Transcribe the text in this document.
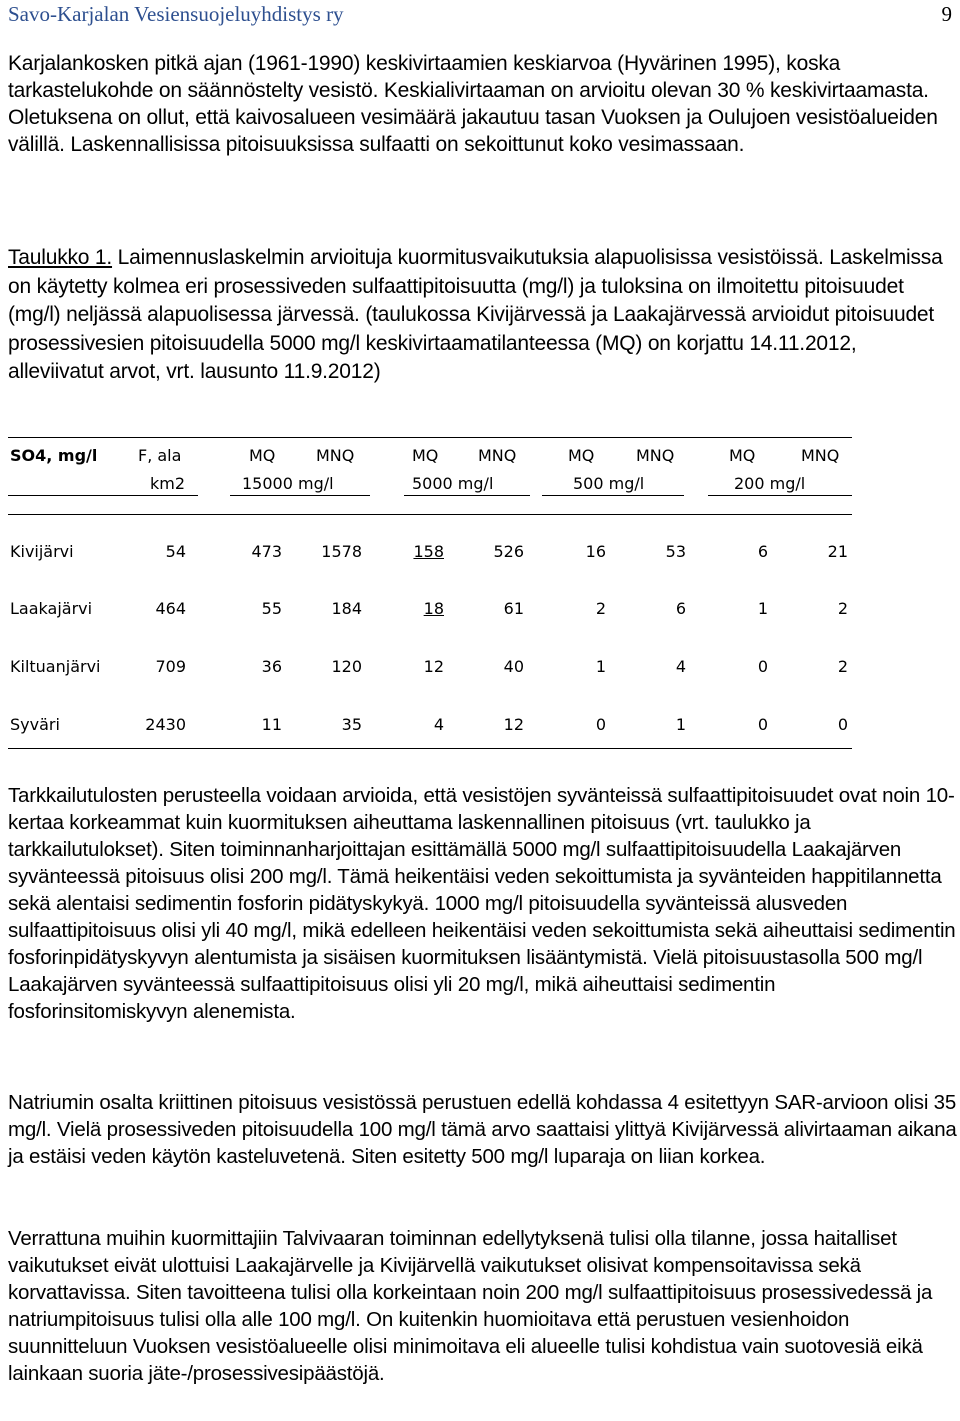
Savo-Karjalan Vesiensuojeluyhdistys ry	9

Karjalankosken pitkä ajan (1961-1990) keskivirtaamien keskiarvoa (Hyvärinen 1995), koska tarkastelukohde on säännöstelty vesistö. Keskialivirtaaman on arvioitu olevan 30 % keskivirtaamasta. Oletuksena on ollut, että kaivosalueen vesimäärä jakautuu tasan Vuoksen ja Oulujoen vesistöalueiden välillä. Laskennallisissa pitoisuuksissa sulfaatti on sekoittunut koko vesimassaan.

Taulukko 1. Laimennuslaskelmin arvioituja kuormitusvaikutuksia alapuolisissa vesistöissä. Laskelmissa on käytetty kolmea eri prosessiveden sulfaattipitoisuutta (mg/l) ja tuloksina on ilmoitettu pitoisuudet (mg/l) neljässä alapuolisessa järvessä. (taulukossa Kivijärvessä ja Laakajärvessä arvioidut pitoisuudet prosessivesien pitoisuudella 5000 mg/l keskivirtaamatilanteessa (MQ) on korjattu 14.11.2012, alleviivatut arvot, vrt. lausunto 11.9.2012)

SO4, mg/l	F, ala	MQ	MNQ	MQ MNQ	MQ	MNQ	MQ	MNQ
km2	15000 mg/l	5000 mg/l	500 mg/l	200 mg/l
Kivijärvi	54	473 1578	158	526	16	53	6	21
Laakajärvi	464	55	184	18	61	2	6	1	2
Kiltuanjärvi	709	36	120	12	40	1	4	0	2
Syväri	2430	11	35	4	12	0	1	0	0

Tarkkailutulosten perusteella voidaan arvioida, että vesistöjen syvänteissä sulfaattipitoisuudet ovat noin 10-kertaa korkeammat kuin kuormituksen aiheuttama laskennallinen pitoisuus (vrt. taulukko ja tarkkailutulokset). Siten toiminnanharjoittajan esittämällä 5000 mg/l sulfaattipitoisuudella Laakajärven syvänteessä pitoisuus olisi 200 mg/l. Tämä heikentäisi veden sekoittumista ja syvänteiden happitilannetta sekä alentaisi sedimentin fosforin pidätyskykyä. 1000 mg/l pitoisuudella syvänteissä alusveden sulfaattipitoisuus olisi yli 40 mg/l, mikä edelleen heikentäisi veden sekoittumista sekä aiheuttaisi sedimentin fosforinpidätyskyvyn alentumista ja sisäisen kuormituksen lisääntymistä. Vielä pitoisuustasolla 500 mg/l Laakajärven syvänteessä sulfaattipitoisuus olisi yli 20 mg/l, mikä aiheuttaisi sedimentin fosforinsitomiskyvyn alenemista.

Natriumin osalta kriittinen pitoisuus vesistössä perustuen edellä kohdassa 4 esitettyyn SAR-arvioon olisi 35 mg/l. Vielä prosessiveden pitoisuudella 100 mg/l tämä arvo saattaisi ylittyä Kivijärvessä alivirtaaman aikana ja estäisi veden käytön kasteluvetenä. Siten esitetty 500 mg/l luparaja on liian korkea.

Verrattuna muihin kuormittajiin Talvivaaran toiminnan edellytyksenä tulisi olla tilanne, jossa haitalliset vaikutukset eivät ulottuisi Laakajärvelle ja Kivijärvellä vaikutukset olisivat kompensoitavissa sekä korvattavissa. Siten tavoitteena tulisi olla korkeintaan noin 200 mg/l sulfaattipitoisuus prosessivedessä ja natriumpitoisuus tulisi olla alle 100 mg/l. On kuitenkin huomioitava että perustuen vesienhoidon suunnitteluun Vuoksen vesistöalueelle olisi minimoitava eli alueelle tulisi kohdistua vain suotovesiä eikä lainkaan suoria jäte-/prosessivesipäästöjä.
